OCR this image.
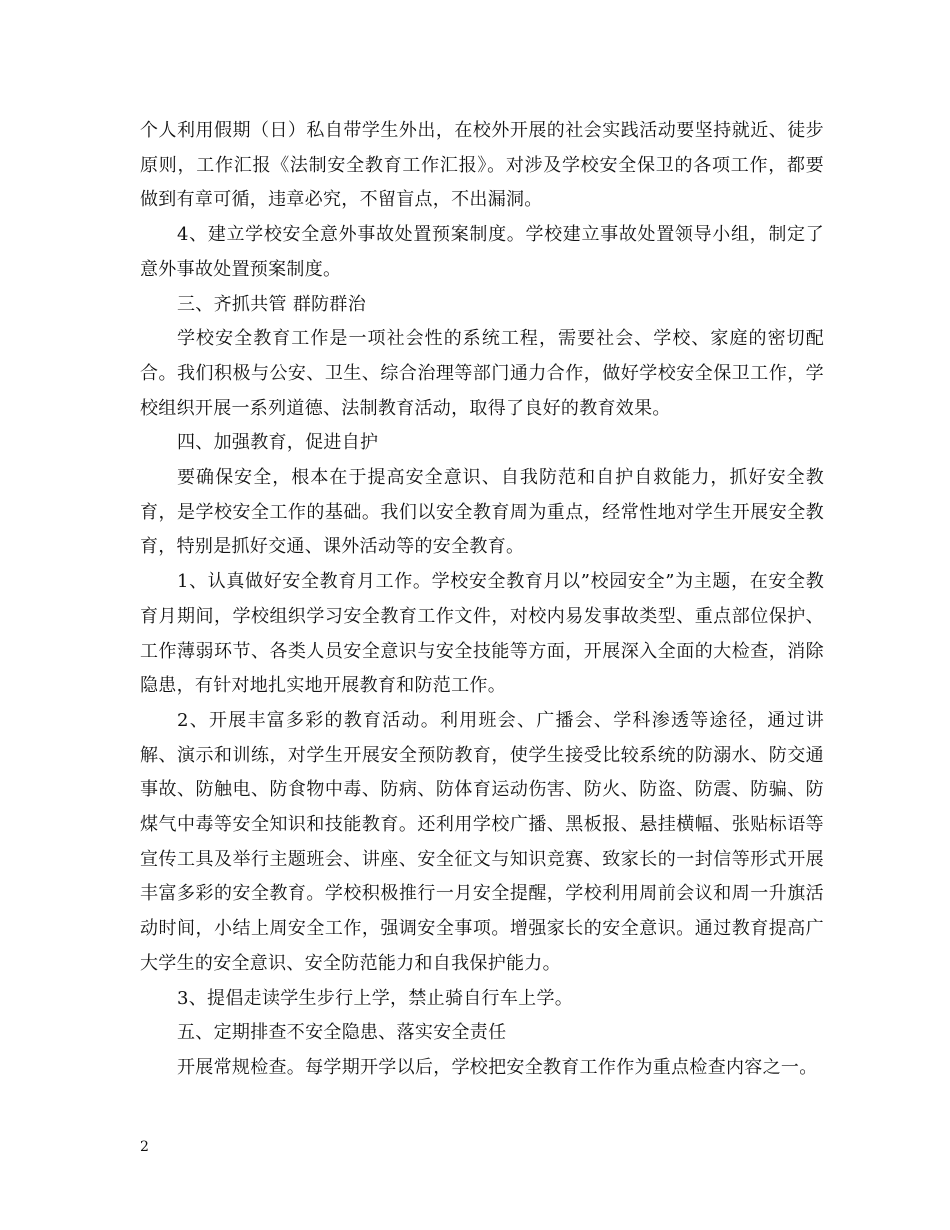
个人利用假期（日）私自带学生外出，在校外开展的社会实践活动要坚持就近、徒步原则，工作汇报《法制安全教育工作汇报》。对涉及学校安全保卫的各项工作，都要做到有章可循，违章必究，不留盲点，不出漏洞。

4、建立学校安全意外事故处置预案制度。学校建立事故处置领导小组，制定了意外事故处置预案制度。

三、齐抓共管 群防群治

学校安全教育工作是一项社会性的系统工程，需要社会、学校、家庭的密切配合。我们积极与公安、卫生、综合治理等部门通力合作，做好学校安全保卫工作，学校组织开展一系列道德、法制教育活动，取得了良好的教育效果。

四、加强教育，促进自护

要确保安全，根本在于提高安全意识、自我防范和自护自救能力，抓好安全教育，是学校安全工作的基础。我们以安全教育周为重点，经常性地对学生开展安全教育，特别是抓好交通、课外活动等的安全教育。

1、认真做好安全教育月工作。学校安全教育月以”校园安全”为主题，在安全教育月期间，学校组织学习安全教育工作文件，对校内易发事故类型、重点部位保护、工作薄弱环节、各类人员安全意识与安全技能等方面，开展深入全面的大检查，消除隐患，有针对地扎实地开展教育和防范工作。

2、开展丰富多彩的教育活动。利用班会、广播会、学科渗透等途径，通过讲解、演示和训练，对学生开展安全预防教育，使学生接受比较系统的防溺水、防交通事故、防触电、防食物中毒、防病、防体育运动伤害、防火、防盗、防震、防骗、防煤气中毒等安全知识和技能教育。还利用学校广播、黑板报、悬挂横幅、张贴标语等宣传工具及举行主题班会、讲座、安全征文与知识竞赛、致家长的一封信等形式开展丰富多彩的安全教育。学校积极推行一月安全提醒，学校利用周前会议和周一升旗活动时间，小结上周安全工作，强调安全事项。增强家长的安全意识。通过教育提高广大学生的安全意识、安全防范能力和自我保护能力。

3、提倡走读学生步行上学，禁止骑自行车上学。

五、定期排查不安全隐患、落实安全责任

开展常规检查。每学期开学以后，学校把安全教育工作作为重点检查内容之一。

2
